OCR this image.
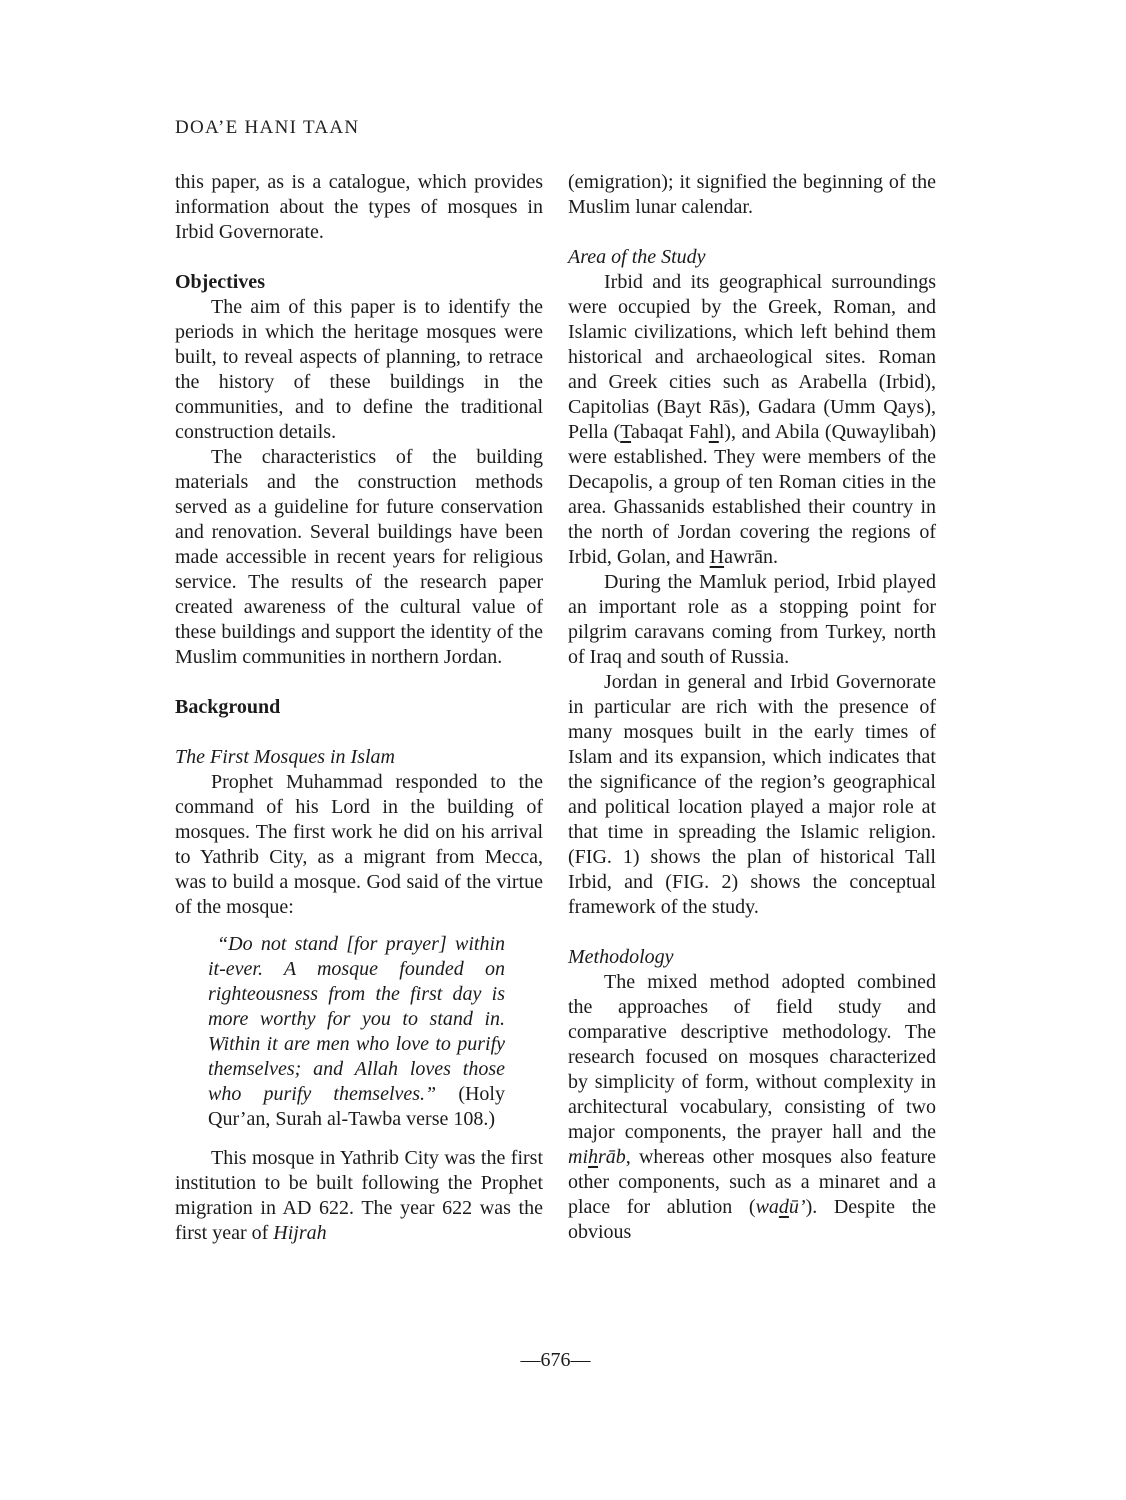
DOA’E HANI TAAN

this paper, as is a catalogue, which provides information about the types of mosques in Irbid Governorate.

Objectives

The aim of this paper is to identify the periods in which the heritage mosques were built, to reveal aspects of planning, to retrace the history of these buildings in the communities, and to define the traditional construction details.

The characteristics of the building materials and the construction methods served as a guideline for future conservation and renovation. Several buildings have been made accessible in recent years for religious service. The results of the research paper created awareness of the cultural value of these buildings and support the identity of the Muslim communities in northern Jordan.

Background
The First Mosques in Islam

Prophet Muhammad responded to the command of his Lord in the building of mosques. The first work he did on his arrival to Yathrib City, as a migrant from Mecca, was to build a mosque. God said of the virtue of the mosque:

“Do not stand [for prayer] within it-ever. A mosque founded on righteousness from the first day is more worthy for you to stand in. Within it are men who love to purify themselves; and Allah loves those who purify themselves.” (Holy Qur’an, Surah al-Tawba verse 108.)

This mosque in Yathrib City was the first institution to be built following the Prophet migration in AD 622. The year 622 was the first year of Hijrah

(emigration); it signified the beginning of the Muslim lunar calendar.

Area of the Study

Irbid and its geographical surroundings were occupied by the Greek, Roman, and Islamic civilizations, which left behind them historical and archaeological sites. Roman and Greek cities such as Arabella (Irbid), Capitolias (Bayt Rās), Gadara (Umm Qays), Pella (Tabaqat Fahl), and Abila (Quwaylibah) were established. They were members of the Decapolis, a group of ten Roman cities in the area. Ghassanids established their country in the north of Jordan covering the regions of Irbid, Golan, and Hawrān.

During the Mamluk period, Irbid played an important role as a stopping point for pilgrim caravans coming from Turkey, north of Iraq and south of Russia.

Jordan in general and Irbid Governorate in particular are rich with the presence of many mosques built in the early times of Islam and its expansion, which indicates that the significance of the region’s geographical and political location played a major role at that time in spreading the Islamic religion. (FIG. 1) shows the plan of historical Tall Irbid, and (FIG. 2) shows the conceptual framework of the study.

Methodology

The mixed method adopted combined the approaches of field study and comparative descriptive methodology. The research focused on mosques characterized by simplicity of form, without complexity in architectural vocabulary, consisting of two major components, the prayer hall and the mihrāb, whereas other mosques also feature other components, such as a minaret and a place for ablution (wadū’). Despite the obvious

—676—
